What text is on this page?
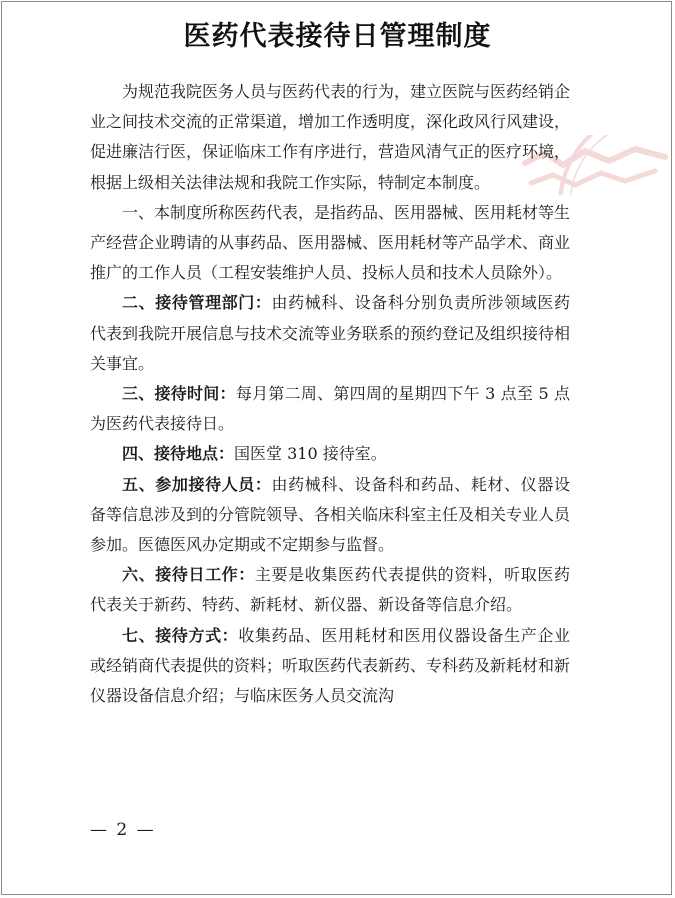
医药代表接待日管理制度

为规范我院医务人员与医药代表的行为，建立医院与医药经销企业之间技术交流的正常渠道，增加工作透明度，深化政风行风建设，促进廉洁行医，保证临床工作有序进行，营造风清气正的医疗环境，根据上级相关法律法规和我院工作实际，特制定本制度。

一、本制度所称医药代表，是指药品、医用器械、医用耗材等生产经营企业聘请的从事药品、医用器械、医用耗材等产品学术、商业推广的工作人员（工程安装维护人员、投标人员和技术人员除外）。

二、接待管理部门：由药械科、设备科分别负责所涉领域医药代表到我院开展信息与技术交流等业务联系的预约登记及组织接待相关事宜。

三、接待时间：每月第二周、第四周的星期四下午 3 点至 5 点为医药代表接待日。

四、接待地点：国医堂 310 接待室。

五、参加接待人员：由药械科、设备科和药品、耗材、仪器设备等信息涉及到的分管院领导、各相关临床科室主任及相关专业人员参加。医德医风办定期或不定期参与监督。

六、接待日工作：主要是收集医药代表提供的资料，听取医药代表关于新药、特药、新耗材、新仪器、新设备等信息介绍。

七、接待方式：收集药品、医用耗材和医用仪器设备生产企业或经销商代表提供的资料；听取医药代表新药、专科药及新耗材和新仪器设备信息介绍；与临床医务人员交流沟

— 2 —
